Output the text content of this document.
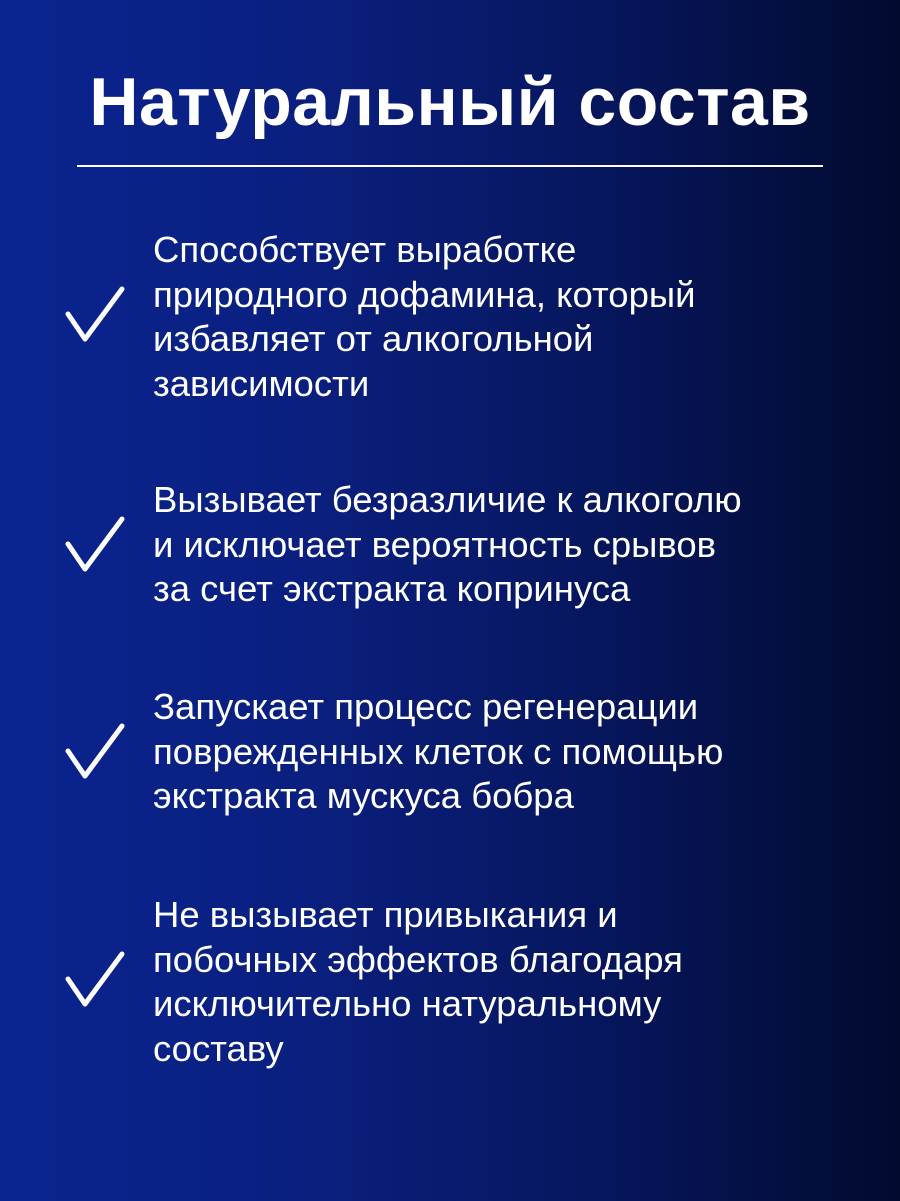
Натуральный состав
Способствует выработке
природного дофамина, который
избавляет от алкогольной
зависимости
Вызывает безразличие к алкоголю
и исключает вероятность срывов
за счет экстракта копринуса
Запускает процесс регенерации
поврежденных клеток с помощью
экстракта мускуса бобра
Не вызывает привыкания и
побочных эффектов благодаря
исключительно натуральному
составу
